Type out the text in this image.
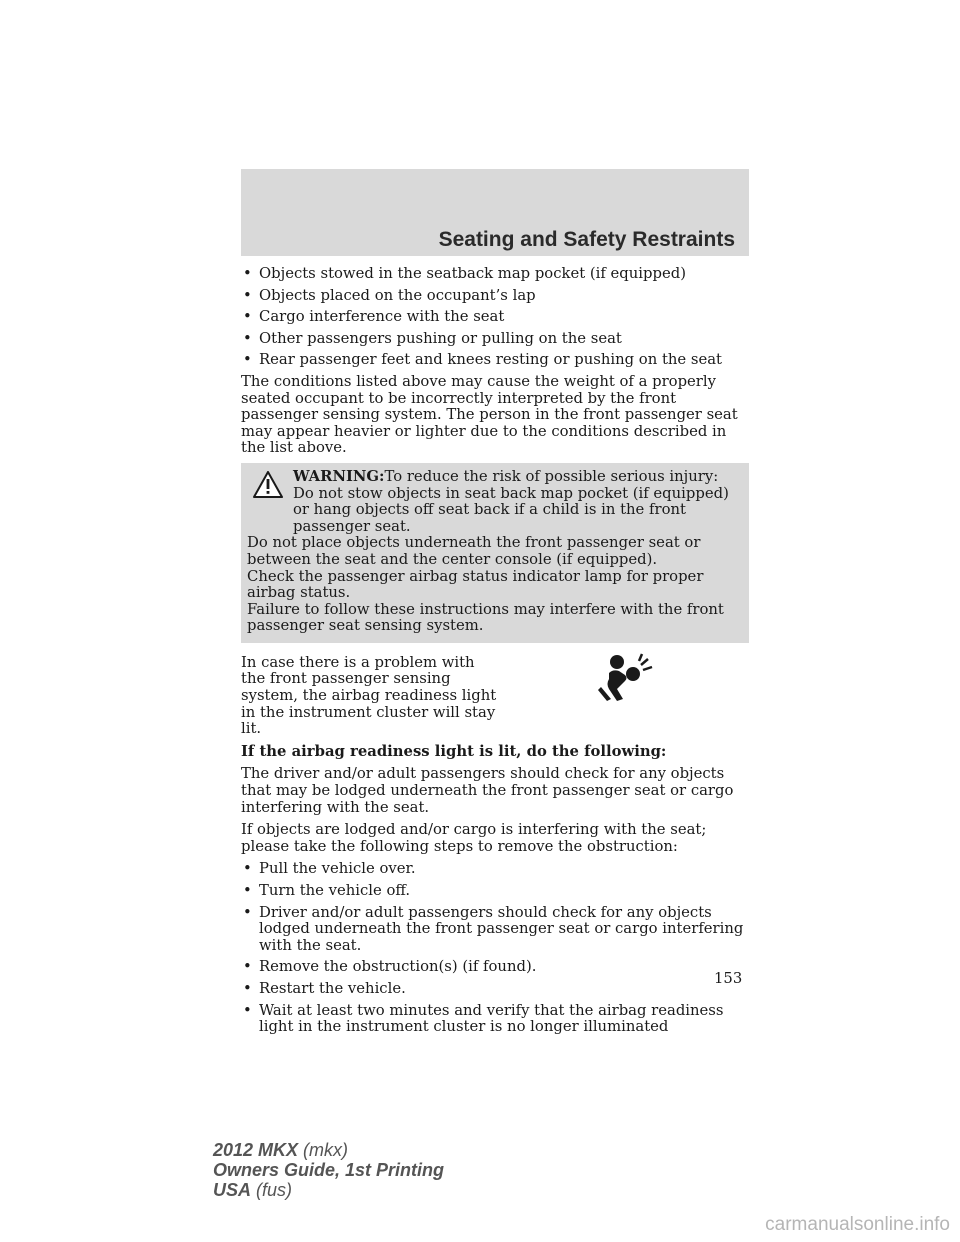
Seating and Safety Restraints
• Objects stowed in the seatback map pocket (if equipped)
• Objects placed on the occupant’s lap
• Cargo interference with the seat
• Other passengers pushing or pulling on the seat
• Rear passenger feet and knees resting or pushing on the seat

The conditions listed above may cause the weight of a properly seated occupant to be incorrectly interpreted by the front passenger sensing system. The person in the front passenger seat may appear heavier or lighter due to the conditions described in the list above.

WARNING:To reduce the risk of possible serious injury:
Do not stow objects in seat back map pocket (if equipped) or hang objects off seat back if a child is in the front passenger seat.
Do not place objects underneath the front passenger seat or between the seat and the center console (if equipped).
Check the passenger airbag status indicator lamp for proper airbag status.
Failure to follow these instructions may interfere with the front passenger seat sensing system.

In case there is a problem with the front passenger sensing system, the airbag readiness light in the instrument cluster will stay lit.

If the airbag readiness light is lit, do the following:

The driver and/or adult passengers should check for any objects that may be lodged underneath the front passenger seat or cargo interfering with the seat.

If objects are lodged and/or cargo is interfering with the seat; please take the following steps to remove the obstruction:

• Pull the vehicle over.
• Turn the vehicle off.
• Driver and/or adult passengers should check for any objects lodged underneath the front passenger seat or cargo interfering with the seat.
• Remove the obstruction(s) (if found).
• Restart the vehicle.
• Wait at least two minutes and verify that the airbag readiness light in the instrument cluster is no longer illuminated
153
2012 MKX (mkx)
Owners Guide, 1st Printing
USA (fus)
carmanualsonline.info
